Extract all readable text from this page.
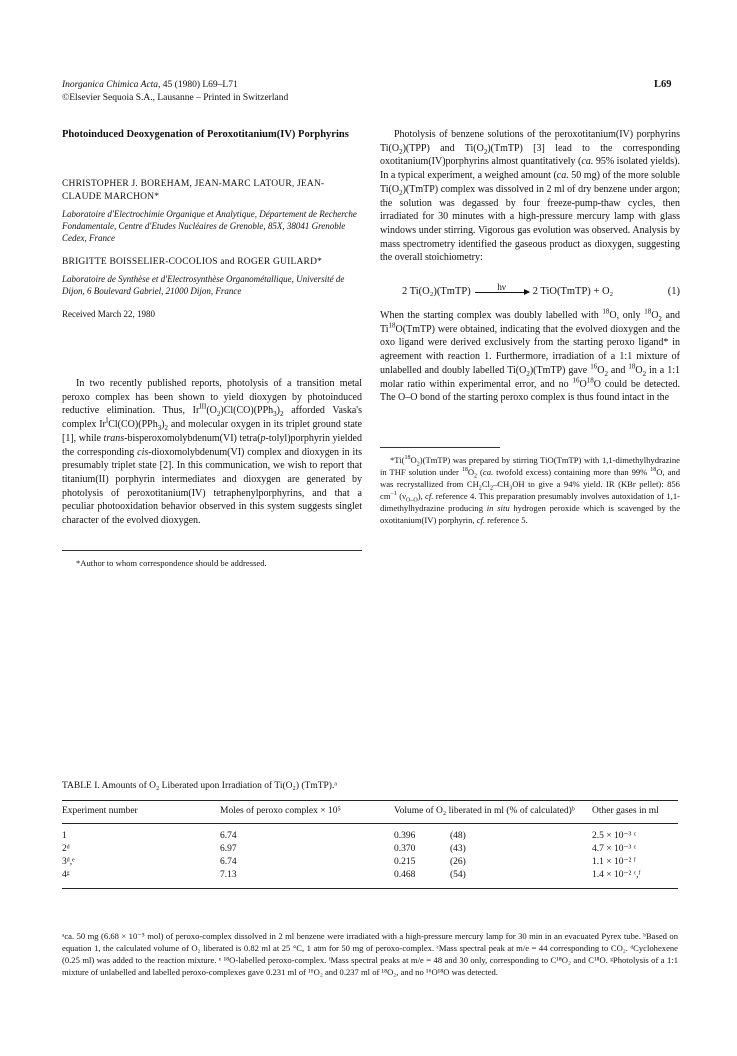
Inorganica Chimica Acta, 45 (1980) L69–L71
©Elsevier Sequoia S.A., Lausanne – Printed in Switzerland
L69
Photoinduced Deoxygenation of Peroxotitanium(IV) Porphyrins
CHRISTOPHER J. BOREHAM, JEAN-MARC LATOUR, JEAN-CLAUDE MARCHON*
Laboratoire d'Electrochimie Organique et Analytique, Département de Recherche Fondamentale, Centre d'Etudes Nucléaires de Grenoble, 85X, 38041 Grenoble Cedex, France
BRIGITTE BOISSELIER-COCOLIOS and ROGER GUILARD*
Laboratoire de Synthèse et d'Electrosynthèse Organométallique, Université de Dijon, 6 Boulevard Gabriel, 21000 Dijon, France
Received March 22, 1980

In two recently published reports, photolysis of a transition metal peroxo complex has been shown to yield dioxygen by photoinduced reductive elimination. Thus, $Ir^{III}(O_2)Cl(CO)(PPh_3)_2$ afforded Vaska's complex $Ir^ICl(CO)(PPh_3)_2$ and molecular oxygen in its triplet ground state [1], while trans-bisperoxomolybdenum(VI) tetra(p-tolyl)porphyrin yielded the corresponding cis-dioxomolybdenum(VI) complex and dioxygen in its presumably triplet state [2]. In this communication, we wish to report that titanium(II) porphyrin intermediates and dioxygen are generated by photolysis of peroxotitanium(IV) tetraphenylporphyrins, and that a peculiar photooxidation behavior observed in this system suggests singlet character of the evolved dioxygen.

*Author to whom correspondence should be addressed.

Photolysis of benzene solutions of the peroxotitanium(IV) porphyrins $Ti(O_2)(TPP)$ and $Ti(O_2)(TmTP)$ [3] lead to the corresponding oxotitanium(IV)porphyrins almost quantitatively (ca. 95% isolated yields). In a typical experiment, a weighed amount (ca. 50 mg) of the more soluble $Ti(O_2)(TmTP)$ complex was dissolved in 2 ml of dry benzene under argon; the solution was degassed by four freeze-pump-thaw cycles, then irradiated for 30 minutes with a high-pressure mercury lamp with glass windows under stirring. Vigorous gas evolution was observed. Analysis by mass spectrometry identified the gaseous product as dioxygen, suggesting the overall stoichiometry:

2 Ti(O₂)(TmTP)	hν	2 TiO(TmTP) + O₂	(1)

When the starting complex was doubly labelled with $^{18}$O, only $^{18}O_2$ and Ti$^{18}$O(TmTP) were obtained, indicating that the evolved dioxygen and the oxo ligand were derived exclusively from the starting peroxo ligand* in agreement with reaction 1. Furthermore, irradiation of a 1:1 mixture of unlabelled and doubly labelled $Ti(O_2)(TmTP)$ gave $^{16}O_2$ and $^{18}O_2$ in a 1:1 molar ratio within experimental error, and no $^{16}O^{18}O$ could be detected. The O–O bond of the starting peroxo complex is thus found intact in the

$*Ti(^{18}O_2)(TmTP)$ was prepared by stirring TiO(TmTP) with 1,1-dimethylhydrazine in THF solution under $^{18}O_2$ (ca. twofold excess) containing more than 99% $^{18}$O, and was recrystallized from $CH_2Cl_2-CH_3OH$ to give a 94% yield. IR (KBr pellet): 856 $cm^{-1}$ $(\nu_{O-O})$, cf. reference 4. This preparation presumably involves autoxidation of 1,1-dimethylhydrazine producing in situ hydrogen peroxide which is scavenged by the oxotitanium(IV) porphyrin, cf. reference 5.

TABLE I. Amounts of O₂ Liberated upon Irradiation of Ti(O₂) (TmTP).ᵃ
Experiment number	Moles of peroxo complex × 10⁵	Volume of O₂ liberated in ml (% of calculated)ᵇ	Other gases in ml
1	6.74	0.396	(48)	2.5 × 10⁻³ ᶜ
2ᵈ	6.97	0.370	(43)	4.7 × 10⁻³ ᶜ
3ᵈ,ᵉ	6.74	0.215	(26)	1.1 × 10⁻² ᶠ
4ᵍ	7.13	0.468	(54)	1.4 × 10⁻² ᶜ,ᶠ
ᵃca. 50 mg (6.68 × 10⁻⁵ mol) of peroxo-complex dissolved in 2 ml benzene were irradiated with a high-pressure mercury lamp for 30 min in an evacuated Pyrex tube. ᵇBased on equation 1, the calculated volume of O₂ liberated is 0.82 ml at 25 °C, 1 atm for 50 mg of peroxo-complex. ᶜMass spectral peak at m/e = 44 corresponding to CO₂. ᵈCyclohexene (0.25 ml) was added to the reaction mixture. ᵉ ¹⁸O-labelled peroxo-complex. ᶠMass spectral peaks at m/e = 48 and 30 only, corresponding to C¹⁸O₂ and C¹⁸O. ᵍPhotolysis of a 1:1 mixture of unlabelled and labelled peroxo-complexes gave 0.231 ml of ¹⁶O₂ and 0.237 ml of ¹⁸O₂, and no ¹⁶O¹⁸O was detected.
